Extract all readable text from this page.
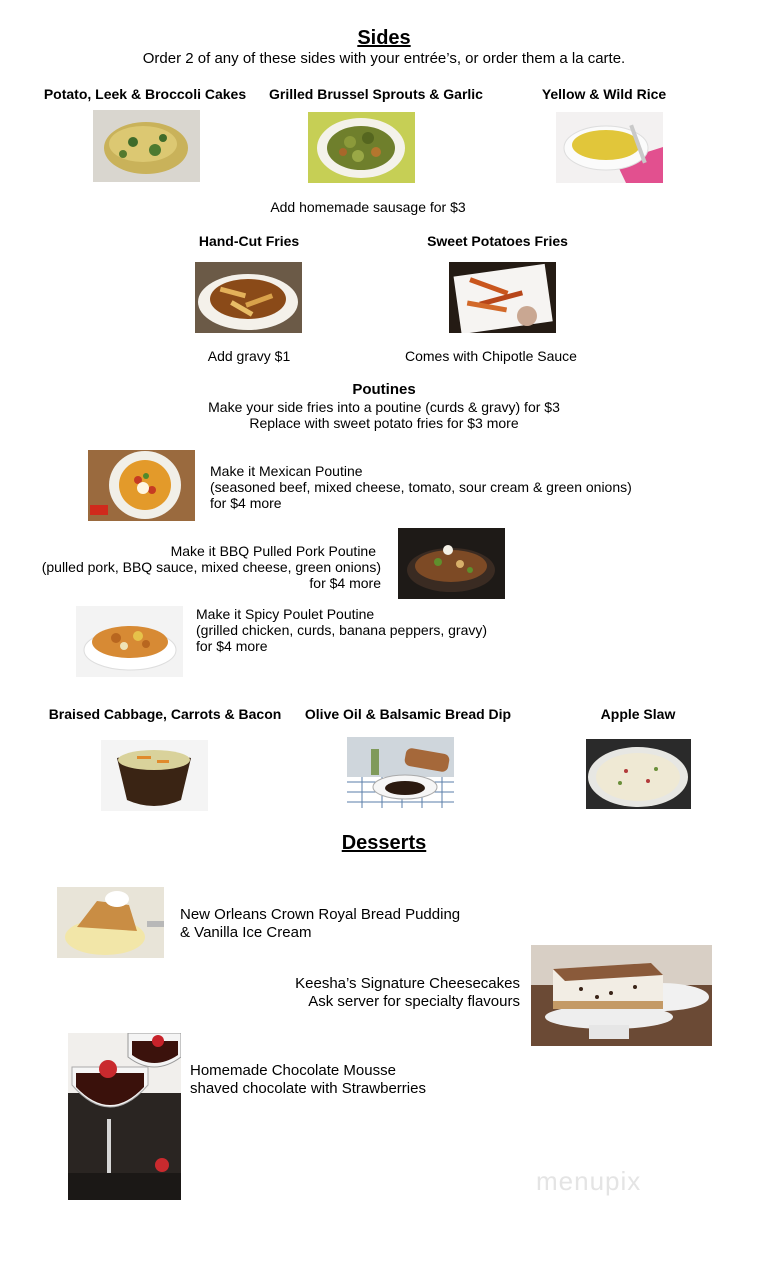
Sides
Order 2 of any of these sides with your entrée’s, or order them a la carte.
Potato, Leek & Broccoli Cakes	Grilled Brussel Sprouts & Garlic	Yellow & Wild Rice
Add homemade sausage for $3
Hand-Cut Fries	Sweet Potatoes Fries
Add gravy $1	Comes with Chipotle Sauce
Poutines
Make your side fries into a poutine (curds & gravy) for $3
Replace with sweet potato fries for $3 more
Make it Mexican Poutine
(seasoned beef, mixed cheese, tomato, sour cream & green onions)
for $4 more
Make it BBQ Pulled Pork Poutine
(pulled pork, BBQ sauce, mixed cheese, green onions)
for $4 more
Make it Spicy Poulet Poutine
(grilled chicken, curds, banana peppers, gravy)
for $4 more
Braised Cabbage, Carrots & Bacon	Olive Oil & Balsamic Bread Dip	Apple Slaw
Desserts
New Orleans Crown Royal Bread Pudding
& Vanilla Ice Cream
Keesha’s Signature Cheesecakes
Ask server for specialty flavours
Homemade Chocolate Mousse
shaved chocolate with Strawberries
menupix
